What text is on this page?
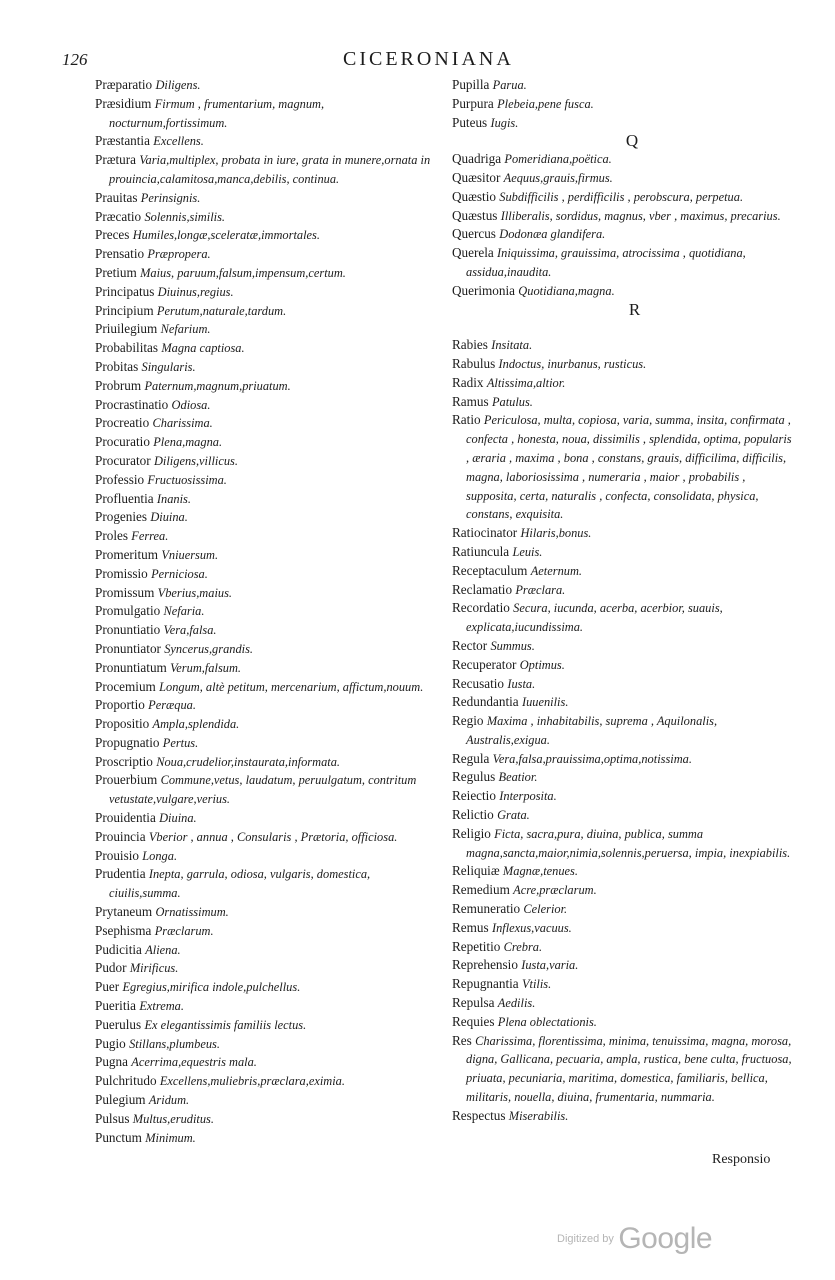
126	CICERONIANA

Præparatio Diligens.

Præsidium Firmum , frumentarium, magnum, nocturnum,fortissimum.

Præstantia Excellens.

Prætura Varia,multiplex, probata in iure, grata in munere,ornata in prouincia,calamitosa,manca,debilis, continua.

Prauitas Perinsignis.

Præcatio Solennis,similis.

Preces Humiles,longæ,sceleratæ,immortales.

Prensatio Præpropera.

Pretium Maius, paruum,falsum,impensum,certum.

Principatus Diuinus,regius.

Principium Perutum,naturale,tardum.

Priuilegium Nefarium.

Probabilitas Magna captiosa.

Probitas Singularis.

Probrum Paternum,magnum,priuatum.

Procrastinatio Odiosa.

Procreatio Charissima.

Procuratio Plena,magna.

Procurator Diligens,villicus.

Professio Fructuosissima.

Profluentia Inanis.

Progenies Diuina.

Proles Ferrea.

Promeritum Vniuersum.

Promissio Perniciosa.

Promissum Vberius,maius.

Promulgatio Nefaria.

Pronuntiatio Vera,falsa.

Pronuntiator Syncerus,grandis.

Pronuntiatum Verum,falsum.

Procemium Longum, altè petitum, mercenarium, affictum,nouum.

Proportio Peræqua.

Propositio Ampla,splendida.

Propugnatio Pertus.

Proscriptio Noua,crudelior,instaurata,informata.

Prouerbium Commune,vetus, laudatum, peruulgatum, contritum vetustate,vulgare,verius.

Prouidentia Diuina.

Prouincia Vberior , annua , Consularis , Prætoria, officiosa.

Prouisio Longa.

Prudentia Inepta, garrula, odiosa, vulgaris, domestica, ciuilis,summa.

Prytaneum Ornatissimum.

Psephisma Præclarum.

Pudicitia Aliena.

Pudor Mirificus.

Puer Egregius,mirifica indole,pulchellus.

Pueritia Extrema.

Puerulus Ex elegantissimis familiis lectus.

Pugio Stillans,plumbeus.

Pugna Acerrima,equestris mala.

Pulchritudo Excellens,muliebris,præclara,eximia.

Pulegium Aridum.

Pulsus Multus,eruditus.

Punctum Minimum.

Pupilla Parua.

Purpura Plebeia,pene fusca.

Puteus Iugis.

Q

Quadriga Pomeridiana,poëtica.

Quæsitor Aequus,grauis,firmus.

Quæstio Subdifficilis , perdifficilis , perobscura, perpetua.

Quæstus Illiberalis, sordidus, magnus, vber , maximus, precarius.

Quercus Dodonæa glandifera.

Querela Iniquissima, grauissima, atrocissima , quotidiana, assidua,inaudita.

Querimonia Quotidiana,magna.

R

Rabies Insitata.

Rabulus Indoctus, inurbanus, rusticus.

Radix Altissima,altior.

Ramus Patulus.

Ratio Periculosa, multa, copiosa, varia, summa, insita, confirmata , confecta , honesta, noua, dissimilis , splendida, optima, popularis , æraria , maxima , bona , constans, grauis, difficilima, difficilis, magna, laboriosissima , numeraria , maior , probabilis , supposita, certa, naturalis , confecta, consolidata, physica, constans, exquisita.

Ratiocinator Hilaris,bonus.

Ratiuncula Leuis.

Receptaculum Aeternum.

Reclamatio Præclara.

Recordatio Secura, iucunda, acerba, acerbior, suauis, explicata,iucundissima.

Rector Summus.

Recuperator Optimus.

Recusatio Iusta.

Redundantia Iuuenilis.

Regio Maxima , inhabitabilis, suprema , Aquilonalis, Australis,exigua.

Regula Vera,falsa,prauissima,optima,notissima.

Regulus Beatior.

Reiectio Interposita.

Relictio Grata.

Religio Ficta, sacra,pura, diuina, publica, summa magna,sancta,maior,nimia,solennis,peruersa, impia, inexpiabilis.

Reliquiæ Magnæ,tenues.

Remedium Acre,præclarum.

Remuneratio Celerior.

Remus Inflexus,vacuus.

Repetitio Crebra.

Reprehensio Iusta,varia.

Repugnantia Vtilis.

Repulsa Aedilis.

Requies Plena oblectationis.

Res Charissima, florentissima, minima, tenuissima, magna, morosa, digna, Gallicana, pecuaria, ampla, rustica, bene culta, fructuosa, priuata, pecuniaria, maritima, domestica, familiaris, bellica, militaris, nouella, diuina, frumentaria, nummaria.

Respectus Miserabilis.

Responsio
$^{Digitized by}$ Google
